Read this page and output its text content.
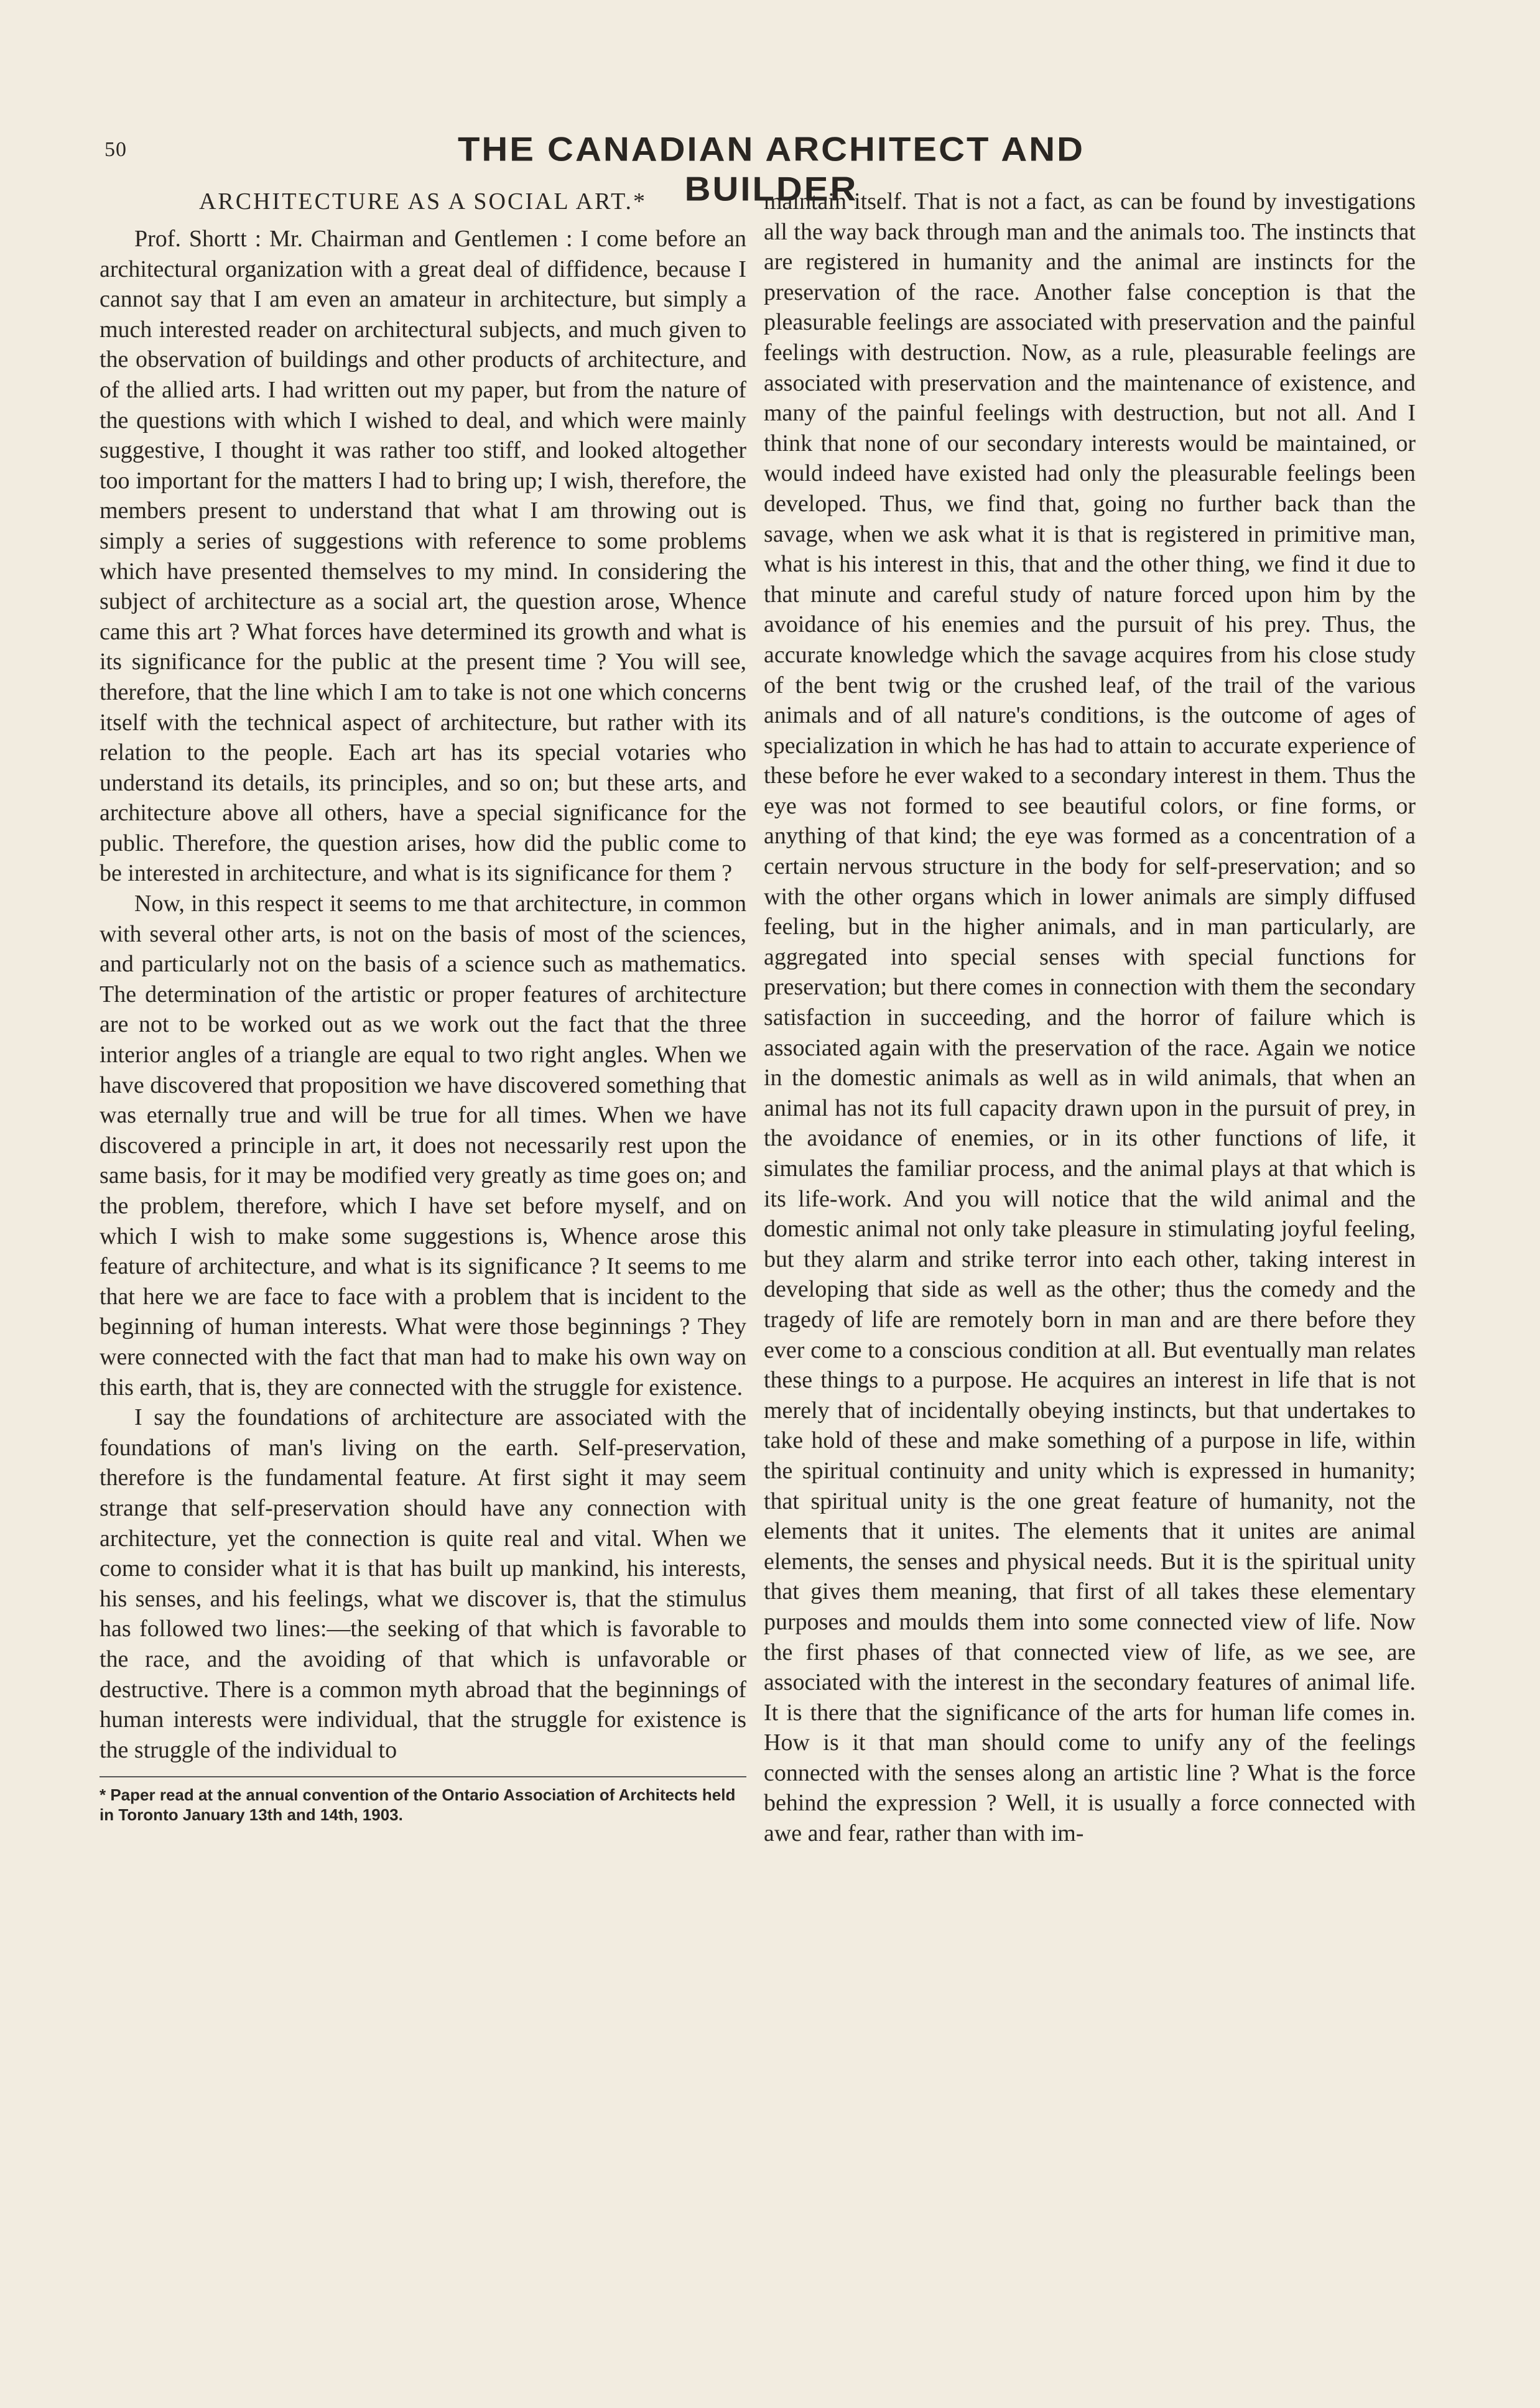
50	THE CANADIAN ARCHITECT AND BUILDER
ARCHITECTURE AS A SOCIAL ART.*

Prof. Shortt : Mr. Chairman and Gentlemen : I come before an architectural organization with a great deal of diffidence, because I cannot say that I am even an amateur in architecture, but simply a much interested reader on architectural subjects, and much given to the observation of buildings and other products of architecture, and of the allied arts. I had written out my paper, but from the nature of the questions with which I wished to deal, and which were mainly suggestive, I thought it was rather too stiff, and looked altogether too important for the matters I had to bring up; I wish, therefore, the members present to understand that what I am throwing out is simply a series of suggestions with reference to some problems which have presented themselves to my mind. In considering the subject of architecture as a social art, the question arose, Whence came this art ? What forces have determined its growth and what is its significance for the public at the present time ? You will see, therefore, that the line which I am to take is not one which concerns itself with the technical aspect of architecture, but rather with its relation to the people. Each art has its special votaries who understand its details, its principles, and so on; but these arts, and architecture above all others, have a special significance for the public. Therefore, the question arises, how did the public come to be interested in architecture, and what is its significance for them ?

Now, in this respect it seems to me that architecture, in common with several other arts, is not on the basis of most of the sciences, and particularly not on the basis of a science such as mathematics. The determination of the artistic or proper features of architecture are not to be worked out as we work out the fact that the three interior angles of a triangle are equal to two right angles. When we have discovered that proposition we have discovered something that was eternally true and will be true for all times. When we have discovered a principle in art, it does not necessarily rest upon the same basis, for it may be modified very greatly as time goes on; and the problem, therefore, which I have set before myself, and on which I wish to make some suggestions is, Whence arose this feature of architecture, and what is its significance ? It seems to me that here we are face to face with a problem that is incident to the beginning of human interests. What were those beginnings ? They were connected with the fact that man had to make his own way on this earth, that is, they are connected with the struggle for existence.

I say the foundations of architecture are associated with the foundations of man's living on the earth. Self-preservation, therefore is the fundamental feature. At first sight it may seem strange that self-preservation should have any connection with architecture, yet the connection is quite real and vital. When we come to consider what it is that has built up mankind, his interests, his senses, and his feelings, what we discover is, that the stimulus has followed two lines:—the seeking of that which is favorable to the race, and the avoiding of that which is unfavorable or destructive. There is a common myth abroad that the beginnings of human interests were individual, that the struggle for existence is the struggle of the individual to

* Paper read at the annual convention of the Ontario Association of Architects held in Toronto January 13th and 14th, 1903.

maintain itself. That is not a fact, as can be found by investigations all the way back through man and the animals too. The instincts that are registered in humanity and the animal are instincts for the preservation of the race. Another false conception is that the pleasurable feelings are associated with preservation and the painful feelings with destruction. Now, as a rule, pleasurable feelings are associated with preservation and the maintenance of existence, and many of the painful feelings with destruction, but not all. And I think that none of our secondary interests would be maintained, or would indeed have existed had only the pleasurable feelings been developed. Thus, we find that, going no further back than the savage, when we ask what it is that is registered in primitive man, what is his interest in this, that and the other thing, we find it due to that minute and careful study of nature forced upon him by the avoidance of his enemies and the pursuit of his prey. Thus, the accurate knowledge which the savage acquires from his close study of the bent twig or the crushed leaf, of the trail of the various animals and of all nature's conditions, is the outcome of ages of specialization in which he has had to attain to accurate experience of these before he ever waked to a secondary interest in them. Thus the eye was not formed to see beautiful colors, or fine forms, or anything of that kind; the eye was formed as a concentration of a certain nervous structure in the body for self-preservation; and so with the other organs which in lower animals are simply diffused feeling, but in the higher animals, and in man particularly, are aggregated into special senses with special functions for preservation; but there comes in connection with them the secondary satisfaction in succeeding, and the horror of failure which is associated again with the preservation of the race. Again we notice in the domestic animals as well as in wild animals, that when an animal has not its full capacity drawn upon in the pursuit of prey, in the avoidance of enemies, or in its other functions of life, it simulates the familiar process, and the animal plays at that which is its life-work. And you will notice that the wild animal and the domestic animal not only take pleasure in stimulating joyful feeling, but they alarm and strike terror into each other, taking interest in developing that side as well as the other; thus the comedy and the tragedy of life are remotely born in man and are there before they ever come to a conscious condition at all. But eventually man relates these things to a purpose. He acquires an interest in life that is not merely that of incidentally obeying instincts, but that undertakes to take hold of these and make something of a purpose in life, within the spiritual continuity and unity which is expressed in humanity; that spiritual unity is the one great feature of humanity, not the elements that it unites. The elements that it unites are animal elements, the senses and physical needs. But it is the spiritual unity that gives them meaning, that first of all takes these elementary purposes and moulds them into some connected view of life. Now the first phases of that connected view of life, as we see, are associated with the interest in the secondary features of animal life. It is there that the significance of the arts for human life comes in. How is it that man should come to unify any of the feelings connected with the senses along an artistic line ? What is the force behind the expression ? Well, it is usually a force connected with awe and fear, rather than with im-
